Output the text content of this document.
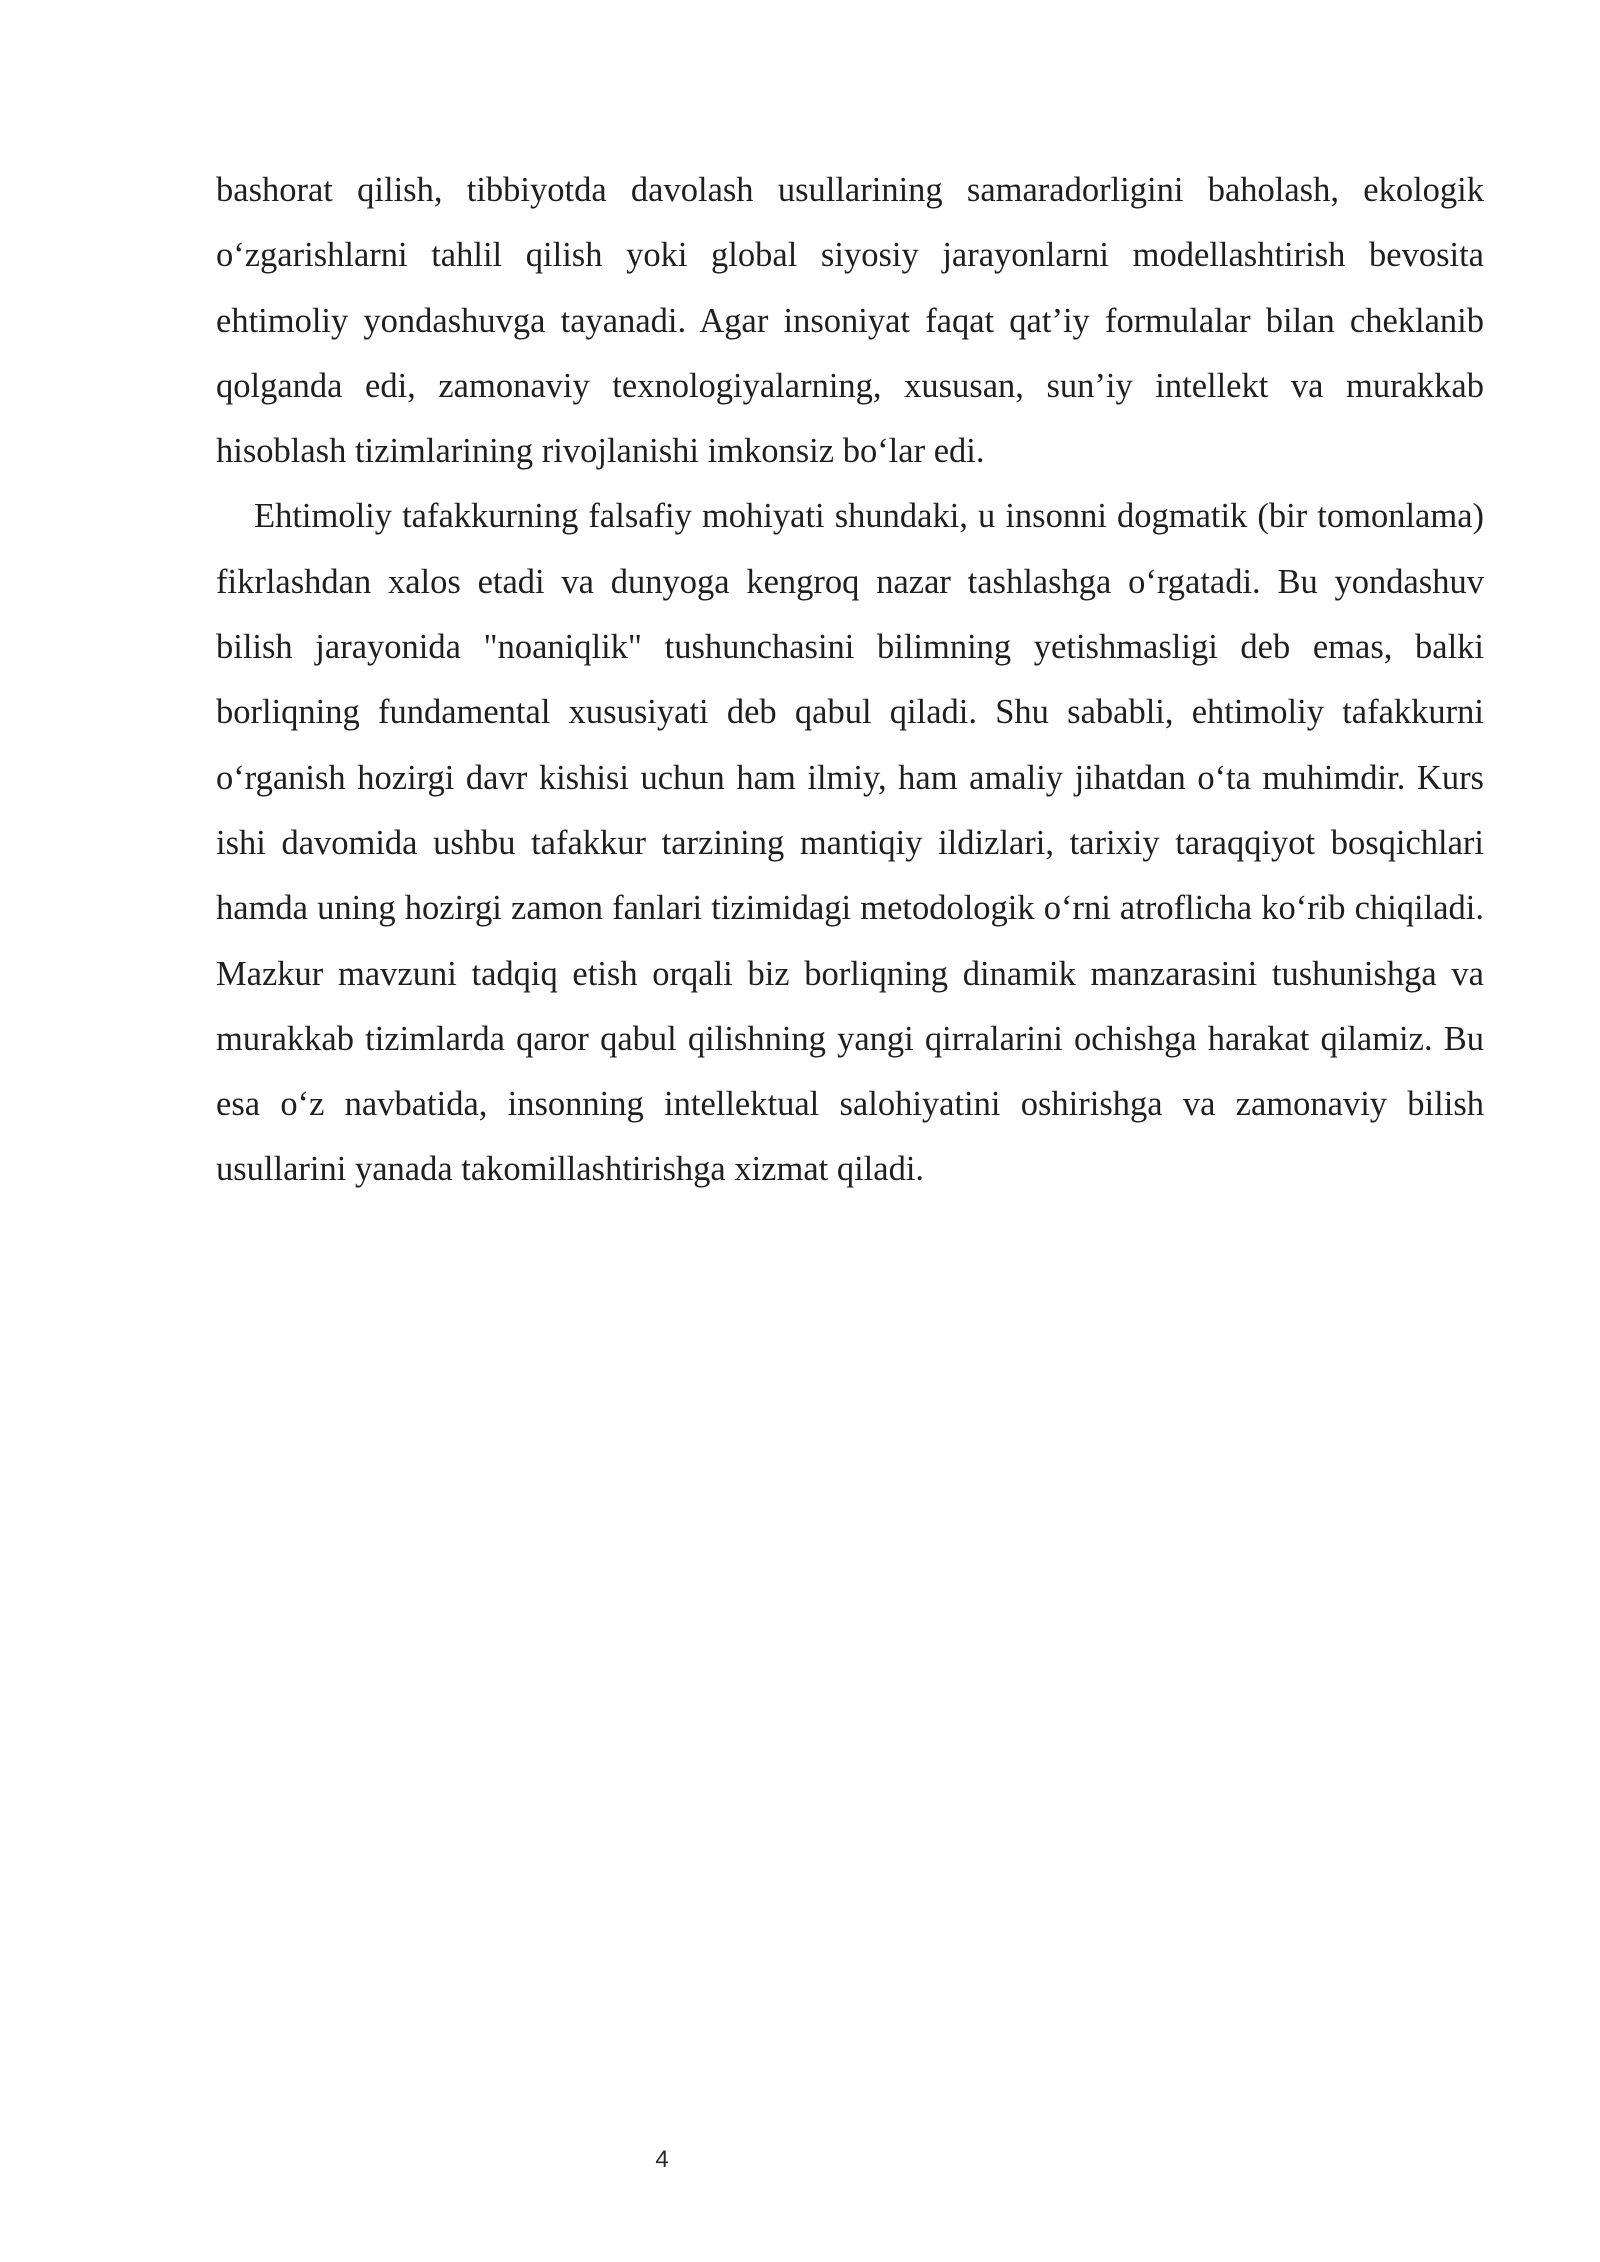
bashorat qilish, tibbiyotda davolash usullarining samaradorligini baholash, ekologik o‘zgarishlarni tahlil qilish yoki global siyosiy jarayonlarni modellashtirish bevosita ehtimoliy yondashuvga tayanadi. Agar insoniyat faqat qat’iy formulalar bilan cheklanib qolganda edi, zamonaviy texnologiyalarning, xususan, sun’iy intellekt va murakkab hisoblash tizimlarining rivojlanishi imkonsiz bo‘lar edi.

Ehtimoliy tafakkurning falsafiy mohiyati shundaki, u insonni dogmatik (bir tomonlama) fikrlashdan xalos etadi va dunyoga kengroq nazar tashlashga o‘rgatadi. Bu yondashuv bilish jarayonida "noaniqlik" tushunchasini bilimning yetishmasligi deb emas, balki borliqning fundamental xususiyati deb qabul qiladi. Shu sababli, ehtimoliy tafakkurni o‘rganish hozirgi davr kishisi uchun ham ilmiy, ham amaliy jihatdan o‘ta muhimdir. Kurs ishi davomida ushbu tafakkur tarzining mantiqiy ildizlari, tarixiy taraqqiyot bosqichlari hamda uning hozirgi zamon fanlari tizimidagi metodologik o‘rni atroflicha ko‘rib chiqiladi. Mazkur mavzuni tadqiq etish orqali biz borliqning dinamik manzarasini tushunishga va murakkab tizimlarda qaror qabul qilishning yangi qirralarini ochishga harakat qilamiz. Bu esa o‘z navbatida, insonning intellektual salohiyatini oshirishga va zamonaviy bilish usullarini yanada takomillashtirishga xizmat qiladi.

4
